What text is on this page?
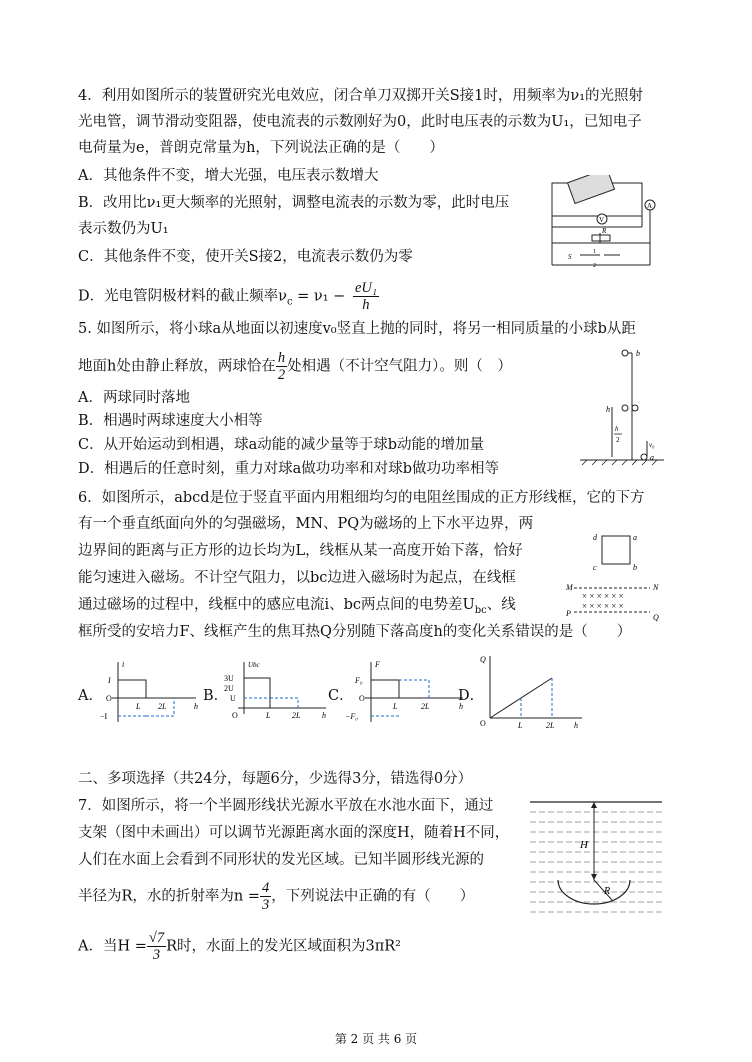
4．利用如图所示的装置研究光电效应，闭合单刀双掷开关S接1时，用频率为ν₁的光照射
光电管，调节滑动变阻器，使电流表的示数刚好为0，此时电压表的示数为U₁，已知电子
电荷量为e，普朗克常量为h，下列说法正确的是（　　）
A．其他条件不变，增大光强，电压表示数增大
B．改用比ν₁更大频率的光照射，调整电流表的示数为零，此时电压
表示数仍为U₁
C．其他条件不变，使开关S接2，电流表示数仍为零
D．光电管阴极材料的截止频率$\nu_c = \nu_1 - \frac{\text{eU₁}}{h}$
V
A
R
S
1
2
5. 如图所示，将小球a从地面以初速度v₀竖直上抛的同时，将另一相同质量的小球b从距
地面h处由静止释放，两球恰在 $\frac{h}{2}$ 处相遇（不计空气阻力）。则（　）
A．两球同时落地
B．相遇时两球速度大小相等
C．从开始运动到相遇，球a动能的减少量等于球b动能的增加量
D．相遇后的任意时刻，重力对球a做功功率和对球b做功功率相等
b
h
h
2
v₀
a
6．如图所示，abcd是位于竖直平面内用粗细均匀的电阻丝围成的正方形线框，它的下方
有一个垂直纸面向外的匀强磁场，MN、PQ为磁场的上下水平边界，两
边界间的距离与正方形的边长均为L，线框从某一高度开始下落，恰好
能匀速进入磁场。不计空气阻力，以bc边进入磁场时为起点，在线框
通过磁场的过程中，线框中的感应电流i、bc两点间的电势差$U_{bc}$、线
框所受的安培力F、线框产生的焦耳热Q分别随下落高度h的变化关系错误的是（　　）
d	a
c	b
M	N
P	Q
× × × × × ×
× × × × × ×
A．
i
I
O
−I
L 2L	h
B．
Ubc
3U
2U
U
O	L	2L	h
C．
F
F₀
O
−F₀
L	2L	h
D．
Q
O	L	2L h
二、多项选择（共24分，每题6分，少选得3分，错选得0分）
7．如图所示，将一个半圆形线状光源水平放在水池水面下，通过
支架（图中未画出）可以调节光源距离水面的深度H，随着H不同，
人们在水面上会看到不同形状的发光区域。已知半圆形线光源的
半径为R，水的折射率为$n = \frac{4}{3}$ ，下列说法中正确的有（　　）
A．当$H = \frac{√7}{3}$ R时，水面上的发光区域面积为3πR²
H
R
第 2 页 共 6 页
